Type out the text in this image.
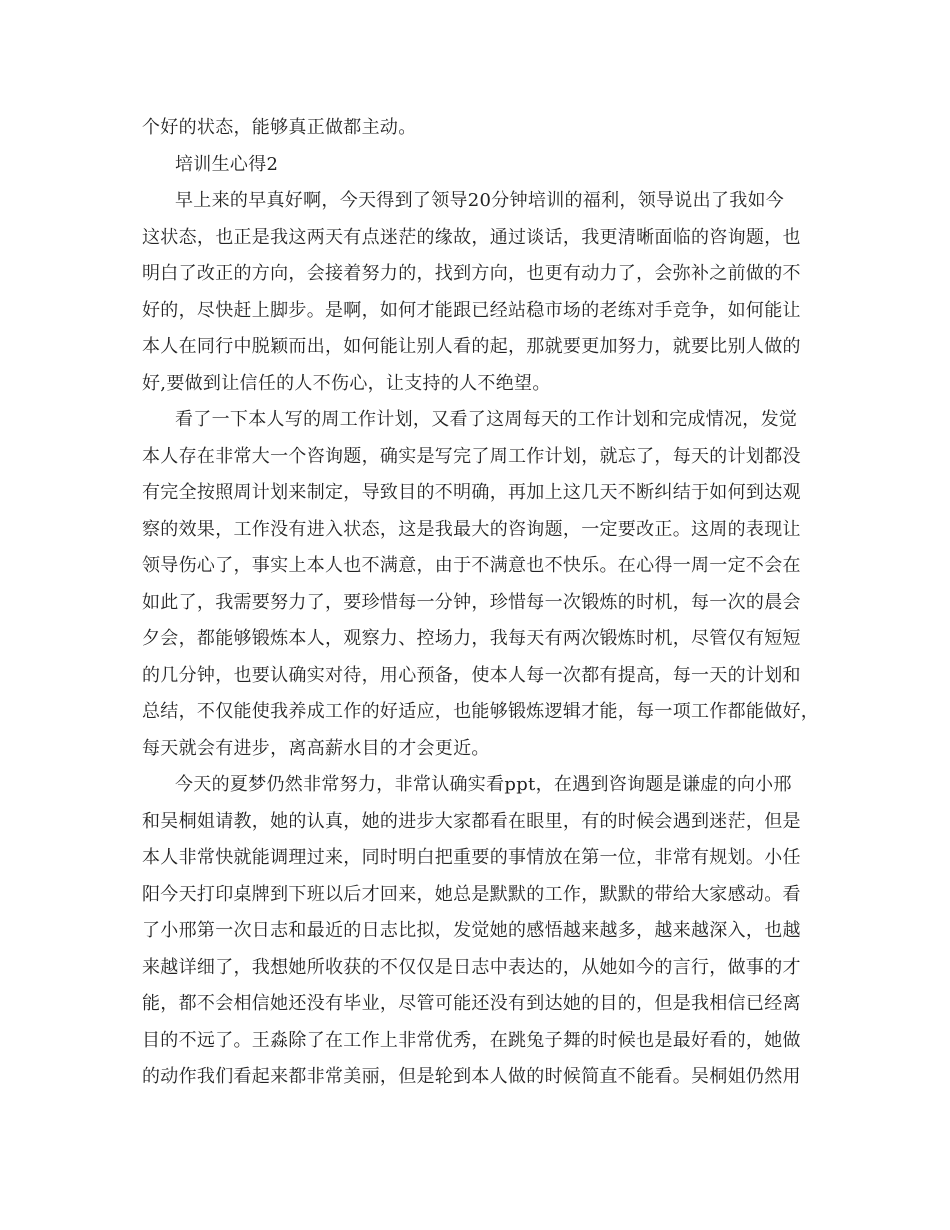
个好的状态，能够真正做都主动。
培训生心得2
早上来的早真好啊，今天得到了领导20分钟培训的福利，领导说出了我如今
这状态，也正是我这两天有点迷茫的缘故，通过谈话，我更清晰面临的咨询题，也
明白了改正的方向，会接着努力的，找到方向，也更有动力了，会弥补之前做的不
好的，尽快赶上脚步。是啊，如何才能跟已经站稳市场的老练对手竞争，如何能让
本人在同行中脱颖而出，如何能让别人看的起，那就要更加努力，就要比别人做的
好,要做到让信任的人不伤心，让支持的人不绝望。
看了一下本人写的周工作计划，又看了这周每天的工作计划和完成情况，发觉
本人存在非常大一个咨询题，确实是写完了周工作计划，就忘了，每天的计划都没
有完全按照周计划来制定，导致目的不明确，再加上这几天不断纠结于如何到达观
察的效果，工作没有进入状态，这是我最大的咨询题，一定要改正。这周的表现让
领导伤心了，事实上本人也不满意，由于不满意也不快乐。在心得一周一定不会在
如此了，我需要努力了，要珍惜每一分钟，珍惜每一次锻炼的时机，每一次的晨会
夕会，都能够锻炼本人，观察力、控场力，我每天有两次锻炼时机，尽管仅有短短
的几分钟，也要认确实对待，用心预备，使本人每一次都有提高，每一天的计划和
总结，不仅能使我养成工作的好适应，也能够锻炼逻辑才能，每一项工作都能做好，
每天就会有进步，离高薪水目的才会更近。
今天的夏梦仍然非常努力，非常认确实看ppt，在遇到咨询题是谦虚的向小邢
和吴桐姐请教，她的认真，她的进步大家都看在眼里，有的时候会遇到迷茫，但是
本人非常快就能调理过来，同时明白把重要的事情放在第一位，非常有规划。小任
阳今天打印桌牌到下班以后才回来，她总是默默的工作，默默的带给大家感动。看
了小邢第一次日志和最近的日志比拟，发觉她的感悟越来越多，越来越深入，也越
来越详细了，我想她所收获的不仅仅是日志中表达的，从她如今的言行，做事的才
能，都不会相信她还没有毕业，尽管可能还没有到达她的目的，但是我相信已经离
目的不远了。王淼除了在工作上非常优秀，在跳兔子舞的时候也是最好看的，她做
的动作我们看起来都非常美丽，但是轮到本人做的时候简直不能看。吴桐姐仍然用
